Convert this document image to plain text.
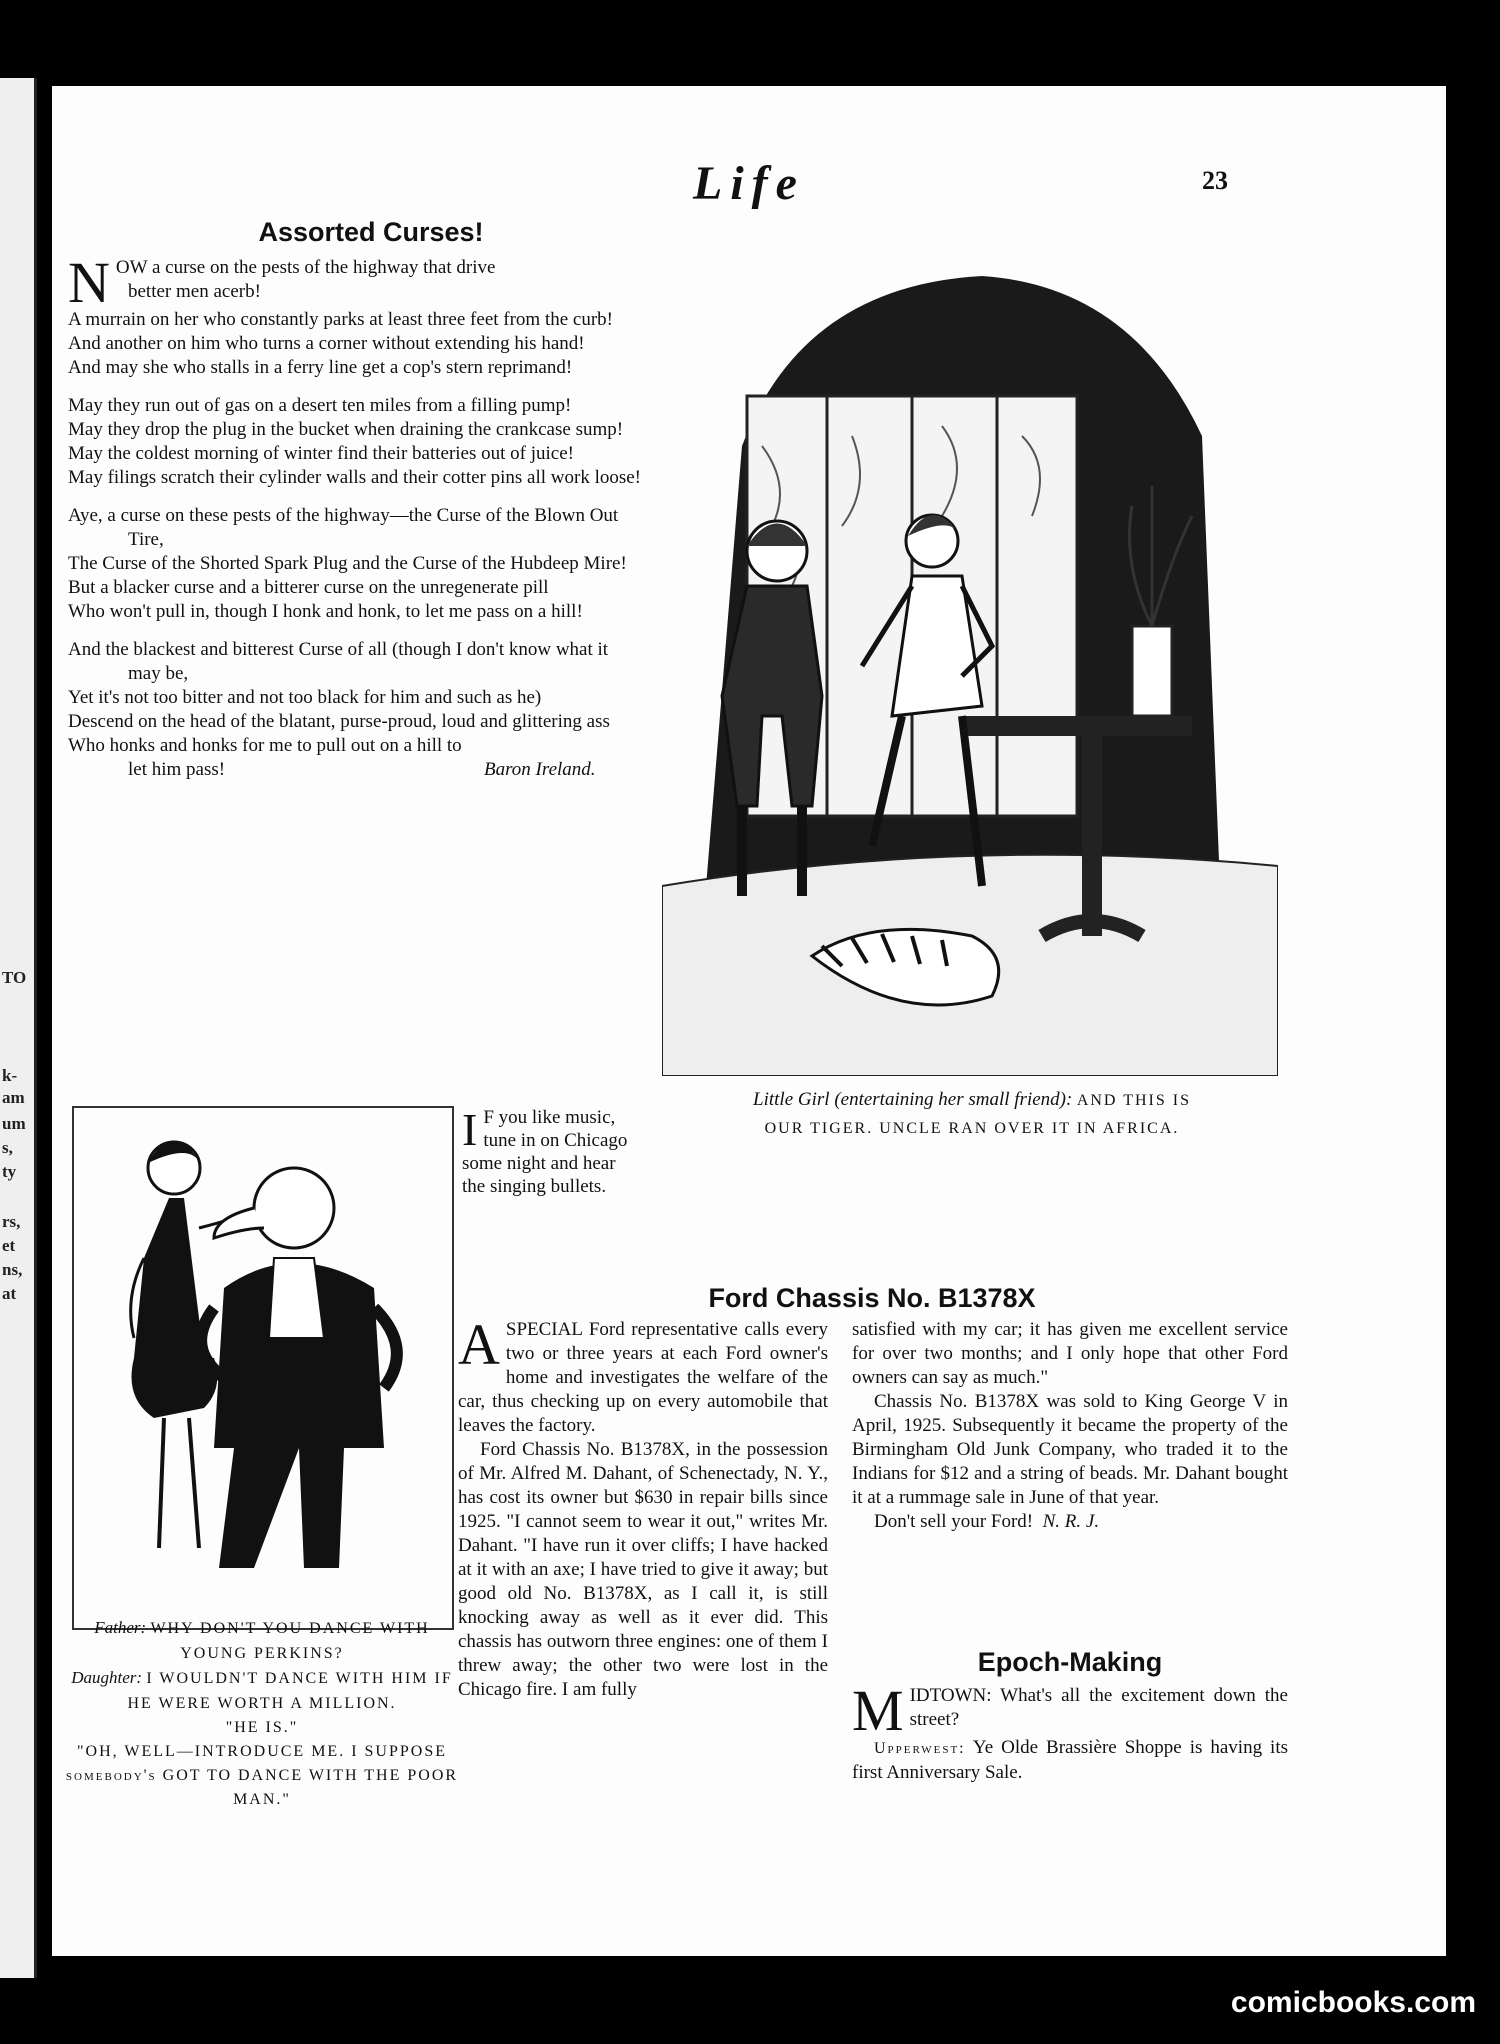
TO
k-
am
um
s,
ty
rs,
et
ns,
at
Life	23
Assorted Curses!

NOW a curse on the pests of the highway that drive

better men acerb!

A murrain on her who constantly parks at least three feet from the curb!

And another on him who turns a corner without extending his hand!

And may she who stalls in a ferry line get a cop's stern reprimand!

May they run out of gas on a desert ten miles from a filling pump!

May they drop the plug in the bucket when draining the crankcase sump!

May the coldest morning of winter find their batteries out of juice!

May filings scratch their cylinder walls and their cotter pins all work loose!

Aye, a curse on these pests of the highway—the Curse of the Blown Out Tire,

The Curse of the Shorted Spark Plug and the Curse of the Hubdeep Mire!

But a blacker curse and a bitterer curse on the unregenerate pill

Who won't pull in, though I honk and honk, to let me pass on a hill!

And the blackest and bitterest Curse of all (though I don't know what it may be,

Yet it's not too bitter and not too black for him and such as he)

Descend on the head of the blatant, purse-proud, loud and glittering ass

Who honks and honks for me to pull out on a hill to

let him pass!	Baron Ireland.

Little Girl (entertaining her small friend): AND THIS IS
OUR TIGER. UNCLE RAN OVER IT IN AFRICA.

Father: WHY DON'T YOU DANCE WITH YOUNG PERKINS?

Daughter: I WOULDN'T DANCE WITH HIM IF HE WERE WORTH A MILLION.

"HE IS."

"OH, WELL—INTRODUCE ME. I SUPPOSE somebody's GOT TO DANCE WITH THE POOR MAN."

I F you like music, tune in on Chicago some night and hear the singing bullets.

Ford Chassis No. B1378X

ASPECIAL Ford representative calls every two or three years at each Ford owner's home and investigates the welfare of the car, thus checking up on every automobile that leaves the factory.

Ford Chassis No. B1378X, in the possession of Mr. Alfred M. Dahant, of Schenectady, N. Y., has cost its owner but $630 in repair bills since 1925. "I cannot seem to wear it out," writes Mr. Dahant. "I have run it over cliffs; I have hacked at it with an axe; I have tried to give it away; but good old No. B1378X, as I call it, is still knocking away as well as it ever did. This chassis has outworn three engines: one of them I threw away; the other two were lost in the Chicago fire. I am fully

satisfied with my car; it has given me excellent service for over two months; and I only hope that other Ford owners can say as much."

Chassis No. B1378X was sold to King George V in April, 1925. Subsequently it became the property of the Birmingham Old Junk Company, who traded it to the Indians for $12 and a string of beads. Mr. Dahant bought it at a rummage sale in June of that year.

Don't sell your Ford! N. R. J.

Epoch-Making

MIDTOWN: What's all the excitement down the street?

Upperwest: Ye Olde Brassière Shoppe is having its first Anniversary Sale.

comicbooks.com
